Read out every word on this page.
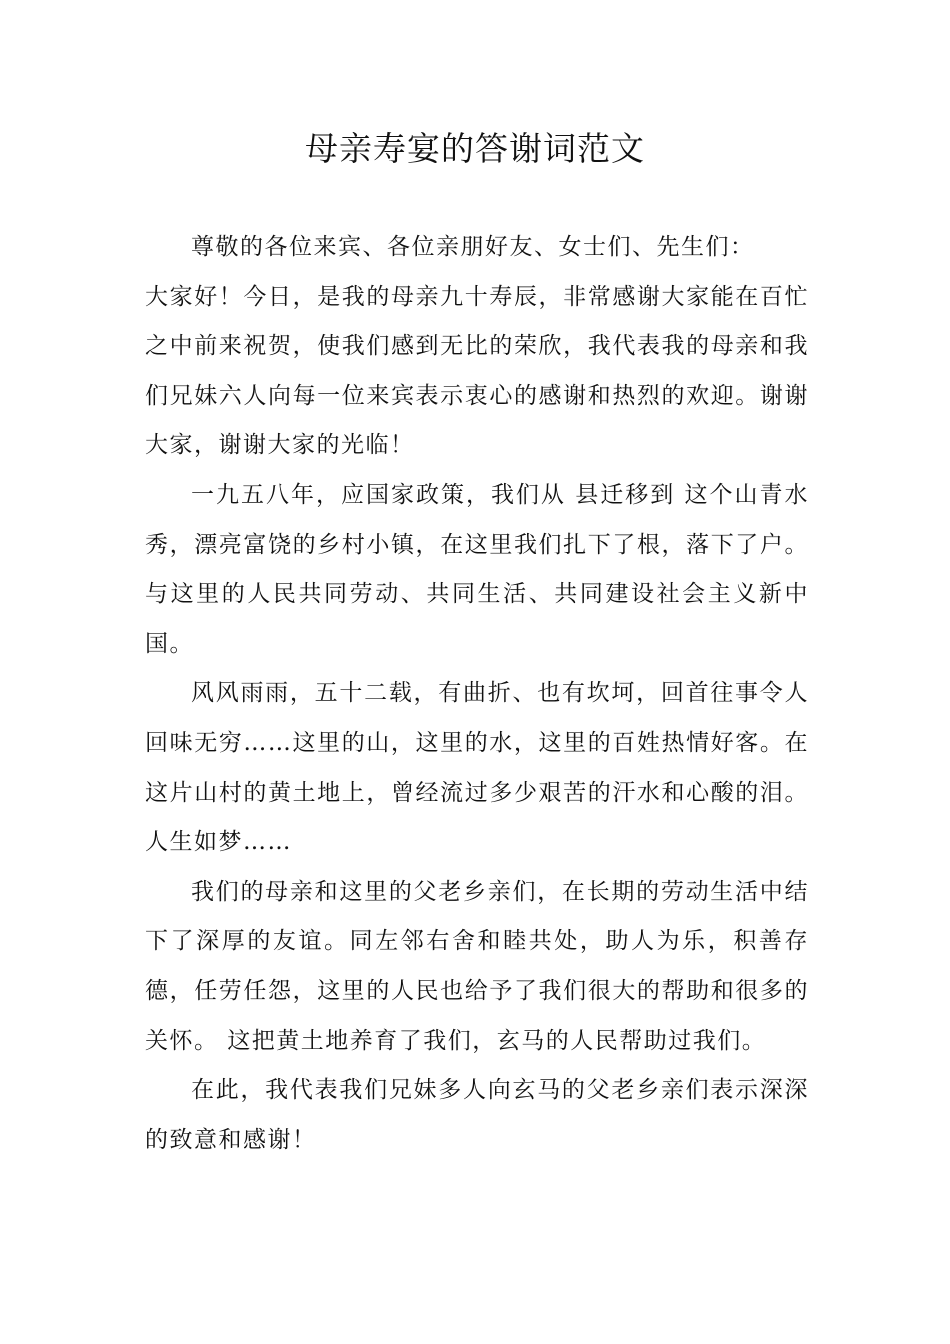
母亲寿宴的答谢词范文

尊敬的各位来宾、各位亲朋好友、女士们、先生们：

大家好！今日，是我的母亲九十寿辰，非常感谢大家能在百忙之中前来祝贺，使我们感到无比的荣欣，我代表我的母亲和我们兄妹六人向每一位来宾表示衷心的感谢和热烈的欢迎。谢谢大家，谢谢大家的光临！

一九五八年，应国家政策，我们从 县迁移到 这个山青水秀，漂亮富饶的乡村小镇，在这里我们扎下了根，落下了户。与这里的人民共同劳动、共同生活、共同建设社会主义新中国。

风风雨雨，五十二载，有曲折、也有坎坷，回首往事令人回味无穷……这里的山，这里的水，这里的百姓热情好客。在这片山村的黄土地上，曾经流过多少艰苦的汗水和心酸的泪。人生如梦……

我们的母亲和这里的父老乡亲们，在长期的劳动生活中结下了深厚的友谊。同左邻右舍和睦共处，助人为乐，积善存德，任劳任怨，这里的人民也给予了我们很大的帮助和很多的关怀。 这把黄土地养育了我们，玄马的人民帮助过我们。

在此，我代表我们兄妹多人向玄马的父老乡亲们表示深深的致意和感谢！
